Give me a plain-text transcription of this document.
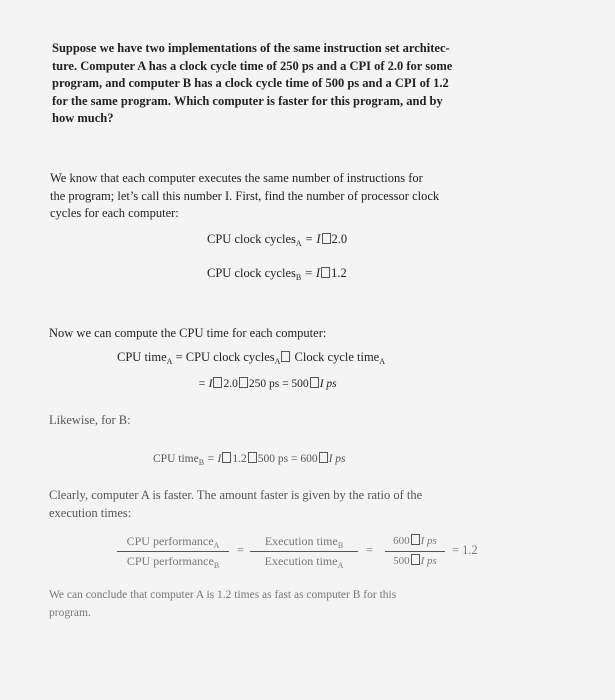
Suppose we have two implementations of the same instruction set architec-
ture. Computer A has a clock cycle time of 250 ps and a CPI of 2.0 for some
program, and computer B has a clock cycle time of 500 ps and a CPI of 1.2
for the same program. Which computer is faster for this program, and by
how much?
We know that each computer executes the same number of instructions for
the program; let’s call this number I. First, find the number of processor clock
cycles for each computer:
CPU clock cycles$_A$ = I 2.0
CPU clock cycles$_B$ = I 1.2
Now we can compute the CPU time for each computer:
CPU time$_A$ = CPU clock cycles$_A$ Clock cycle time$_A$
= I 2.0 250 ps = 500 I ps
Likewise, for B:
CPU time$_B$ = I 1.2 500 ps = 600 I ps
Clearly, computer A is faster. The amount faster is given by the ratio of the
execution times:
CPU performance$_A$
CPU performance$_B$
=
Execution time$_B$
Execution time$_A$
=
600 I ps
500 I ps
= 1.2
We can conclude that computer A is 1.2 times as fast as computer B for this
program.
